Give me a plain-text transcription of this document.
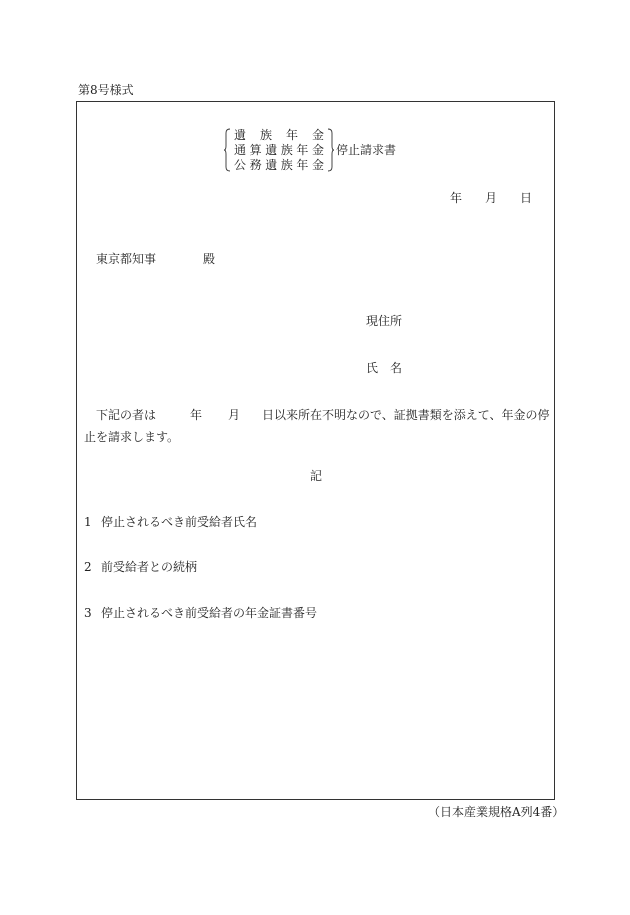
第8号様式
遺族年金
通算遺族年金
公務遺族年金
停止請求書
年 月 日
東京都知事	殿
現住所
氏　名
下記の者は	年 月 日以来所在不明なので、証拠書類を添えて、年金の停
止を請求します。
記
1 停止されるべき前受給者氏名
2 前受給者との続柄
3 停止されるべき前受給者の年金証書番号
（日本産業規格A列4番）
